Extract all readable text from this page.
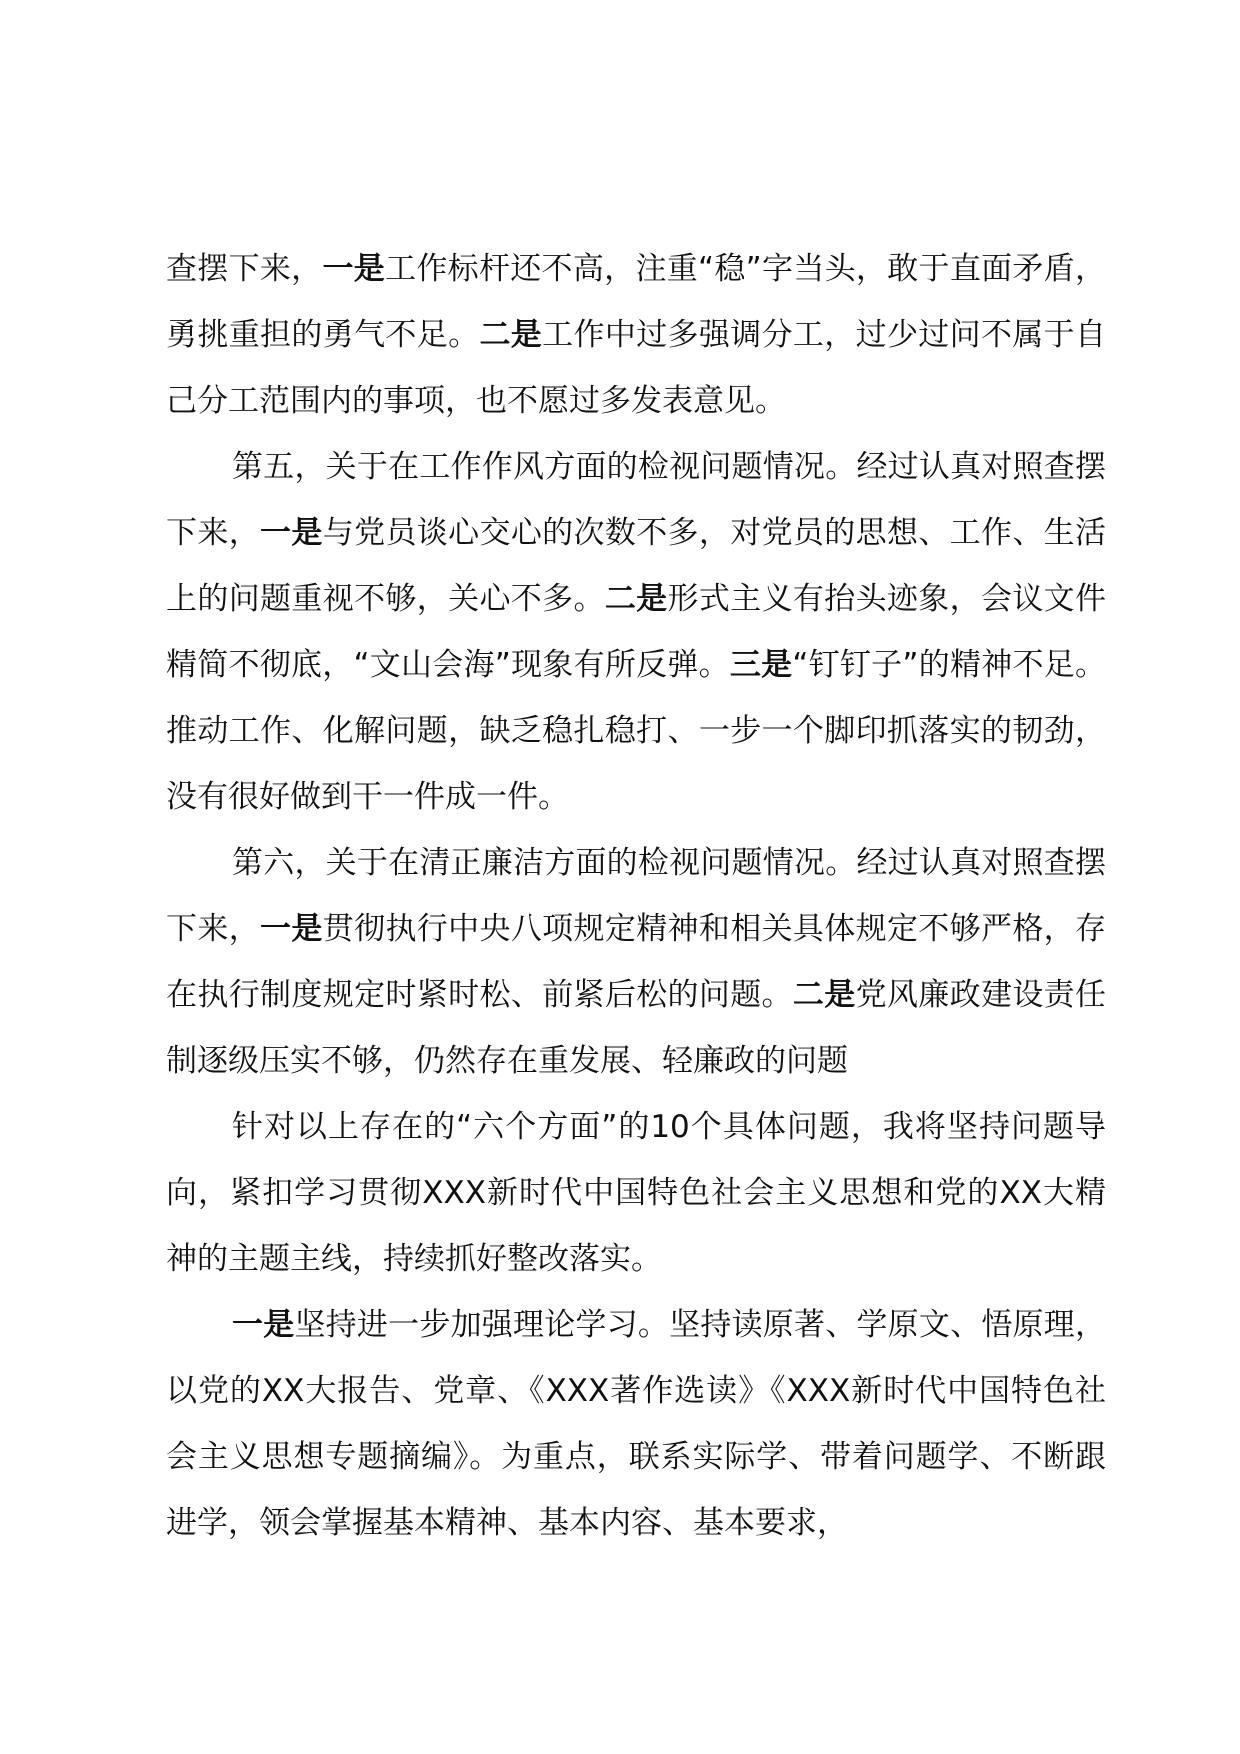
查摆下来，一是工作标杆还不高，注重“稳”字当头，敢于直面矛盾，勇挑重担的勇气不足。二是工作中过多强调分工，过少过问不属于自己分工范围内的事项，也不愿过多发表意见。

第五，关于在工作作风方面的检视问题情况。经过认真对照查摆下来，一是与党员谈心交心的次数不多，对党员的思想、工作、生活上的问题重视不够，关心不多。二是形式主义有抬头迹象，会议文件精简不彻底，“文山会海”现象有所反弹。三是“钉钉子”的精神不足。推动工作、化解问题，缺乏稳扎稳打、一步一个脚印抓落实的韧劲，没有很好做到干一件成一件。

第六，关于在清正廉洁方面的检视问题情况。经过认真对照查摆下来，一是贯彻执行中央八项规定精神和相关具体规定不够严格，存在执行制度规定时紧时松、前紧后松的问题。二是党风廉政建设责任制逐级压实不够，仍然存在重发展、轻廉政的问题

针对以上存在的“六个方面”的10个具体问题，我将坚持问题导向，紧扣学习贯彻XXX新时代中国特色社会主义思想和党的XX大精神的主题主线，持续抓好整改落实。

一是坚持进一步加强理论学习。坚持读原著、学原文、悟原理，以党的XX大报告、党章、《XXX著作选读》《XXX新时代中国特色社会主义思想专题摘编》。为重点，联系实际学、带着问题学、不断跟进学，领会掌握基本精神、基本内容、基本要求，
